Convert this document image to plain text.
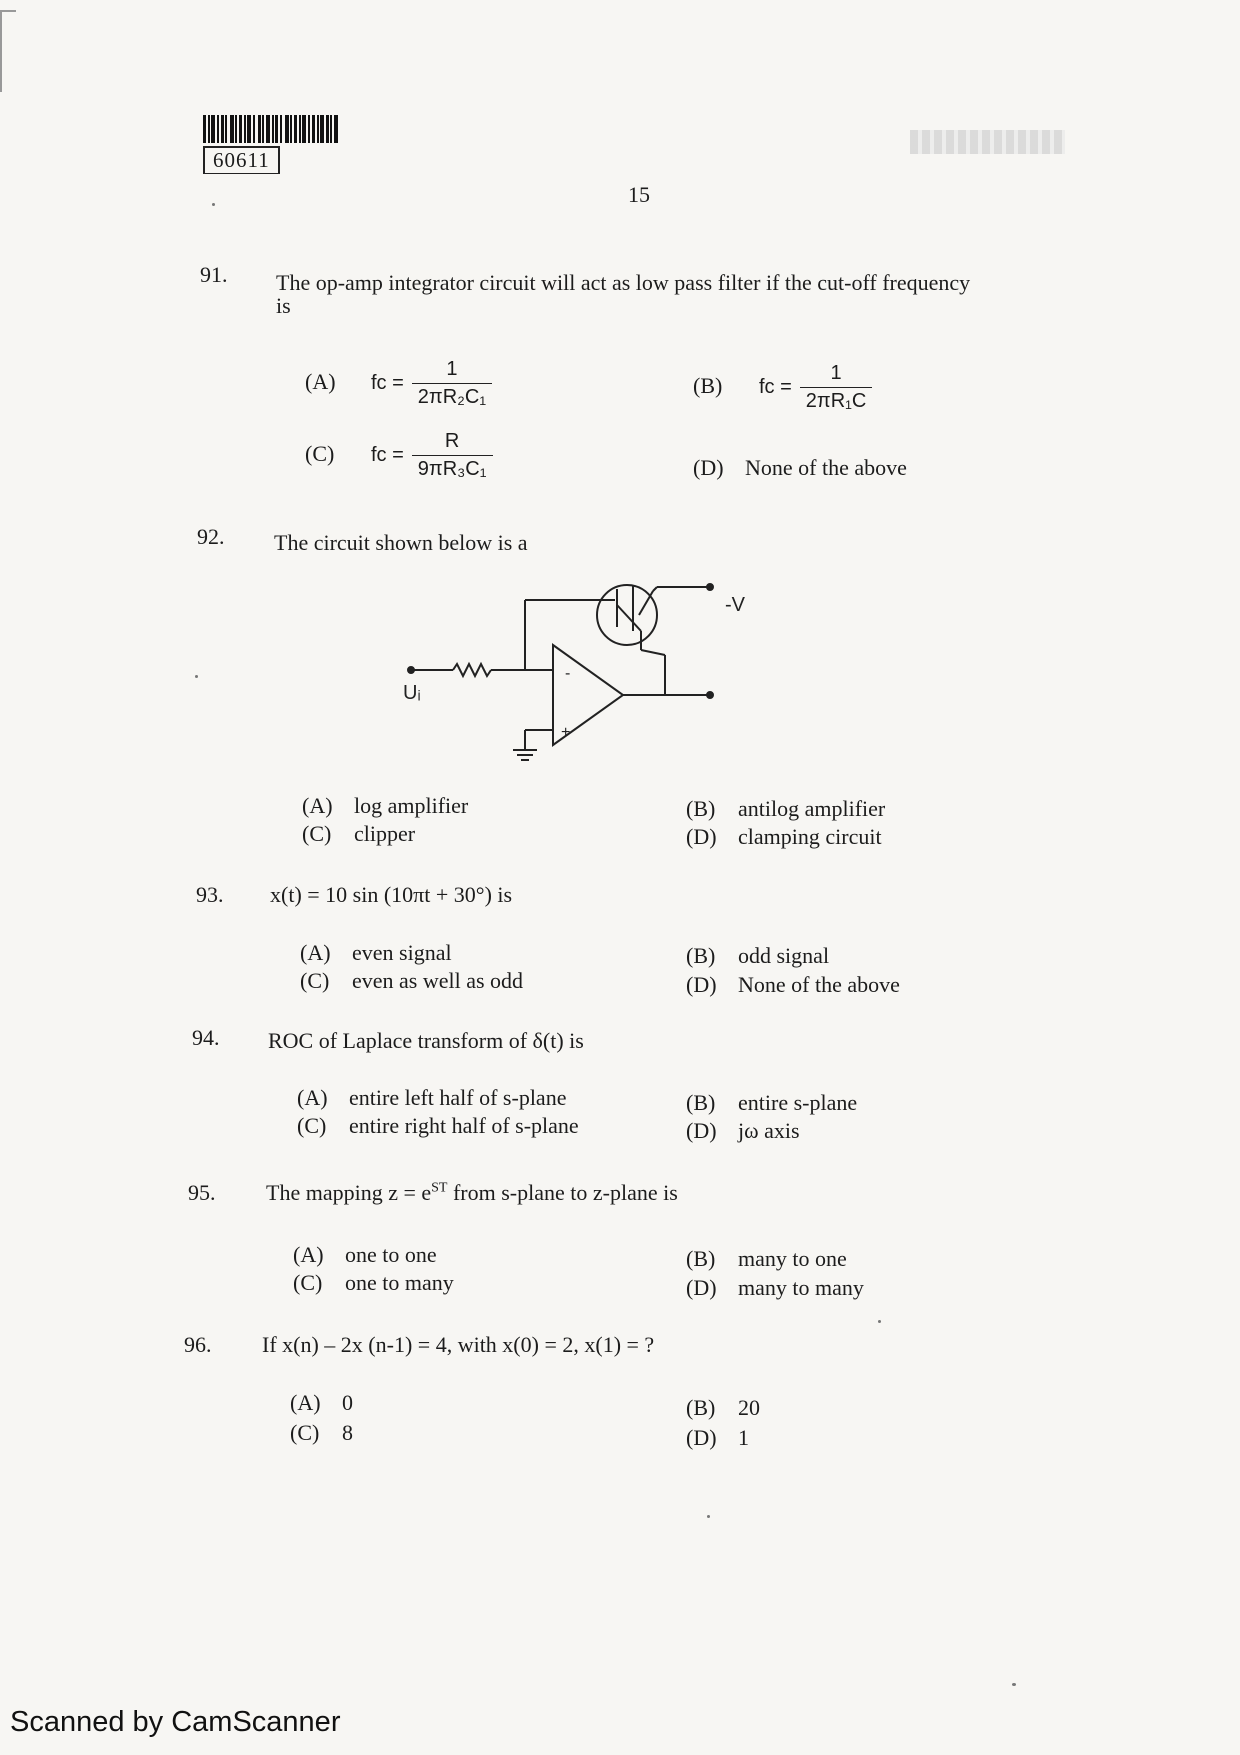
60611
15
91. The op-amp integrator circuit will act as low pass filter if the cut-off frequency
is
(A) fc = $\frac{1}{\text{2πR₂C₁}}$	(B) fc = $\frac{1}{\text{2πR₁C}}$
(C) fc = $\frac{R}{\text{9πR₃C₁}}$	(D) None of the above
92. The circuit shown below is a
-
+
-V
Uᵢ
(A) log amplifier	(B) antilog amplifier
(C) clipper	(D) clamping circuit
93. x(t) = 10 sin (10πt + 30°) is
(A) even signal	(B) odd signal
(C) even as well as odd	(D) None of the above
94. ROC of Laplace transform of δ(t) is
(A) entire left half of s-plane	(B) entire s-plane
(C) entire right half of s-plane	(D) jω axis
95. The mapping $z = e^{ST}$ from s-plane to z-plane is
(A) one to one	(B) many to one
(C) one to many	(D) many to many
96. If x(n) – 2x (n-1) = 4, with x(0) = 2, x(1) = ?
(A) 0	(B) 20
(C) 8	(D) 1
Scanned by CamScanner
